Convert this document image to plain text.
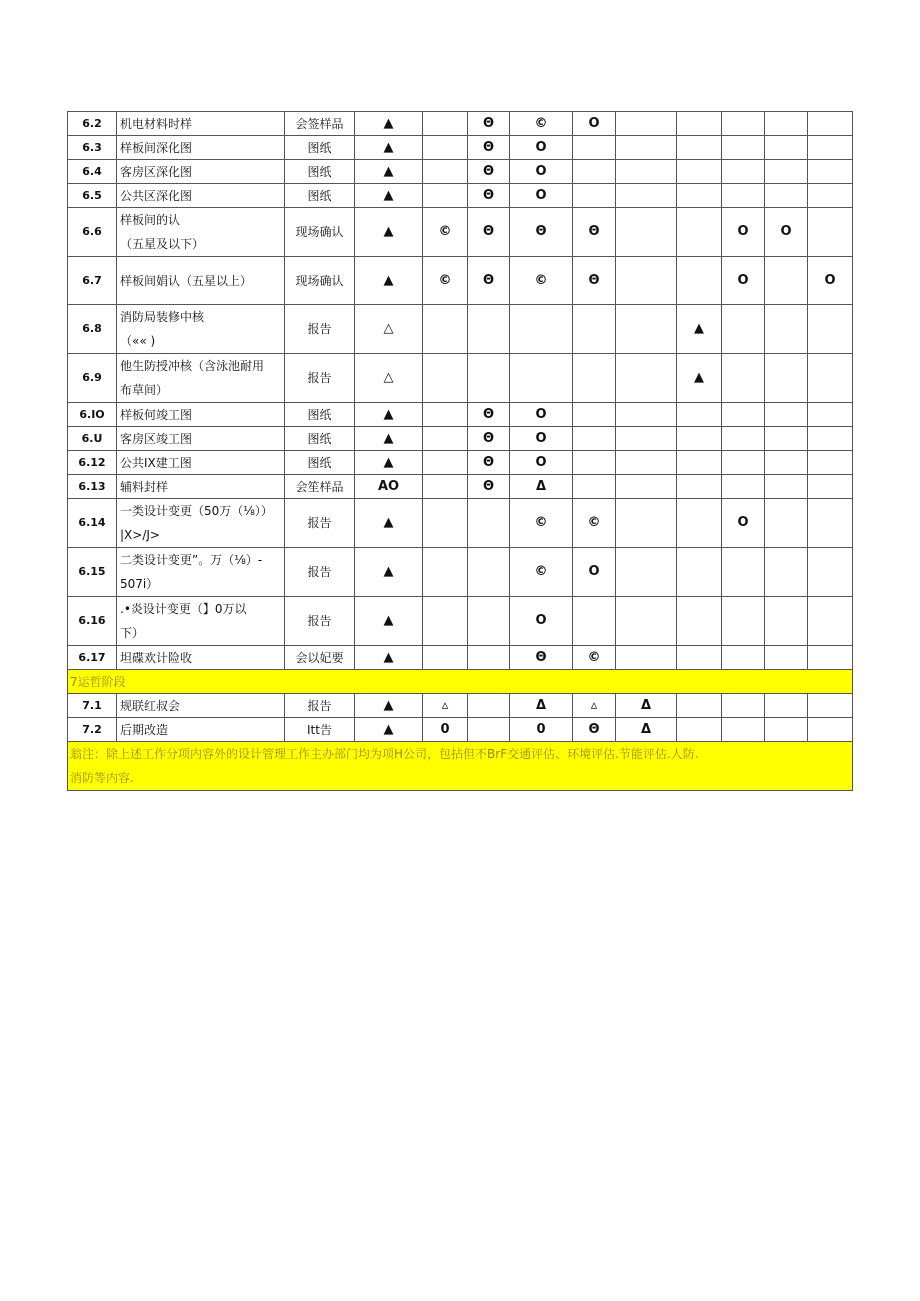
6.2	机电材料时样	会签样品	▲		Θ	©	O					
6.3	样板间深化图	图纸	▲		Θ	O						
6.4	客房区深化图	图纸	▲		Θ	O						
6.5	公共区深化图	图纸	▲		Θ	O						
6.6	样板间的认
（五星及以下）	现场确认	▲	©	Θ	Θ	Θ			O	O	
6.7	样板间娟认（五星以上）	现场确认	▲	©	Θ	©	Θ			O		O
6.8	消防局装修中核
（«« )	报告	△						▲			
6.9	他生防授冲核（含泳池耐用
布草间）	报告	△						▲			
6.IO	样板何竣工图	图纸	▲		Θ	O						
6.U	客房区竣工图	图纸	▲		Θ	O						
6.12	公共IX建工图	图纸	▲		Θ	O						
6.13	辅料封样	会笙样品	AO		Θ	Δ						
6.14	一类设计变更（50万（⅛））
|X>/J>	报告	▲			©	©			O		
6.15	二类设计变更”。万（⅛）-
507i）	报告	▲			©	O					
6.16	.•炎设计变更（】0万以
下）	报告	▲			O						
6.17	坦碟欢计险收	会以妃要	▲			Θ	©					
7运哲阶段												
7.1	规联红叔会	报告	▲	▵		Δ	▵	Δ				
7.2	后期改造	Itt告	▲	0		0	Θ	Δ				
翁注：除上述工作分项内容外的设计管理工作主办部门均为项H公司，包拈但不BrF交通评估、环境评估.节能评估.人防.
消防等内容.												
